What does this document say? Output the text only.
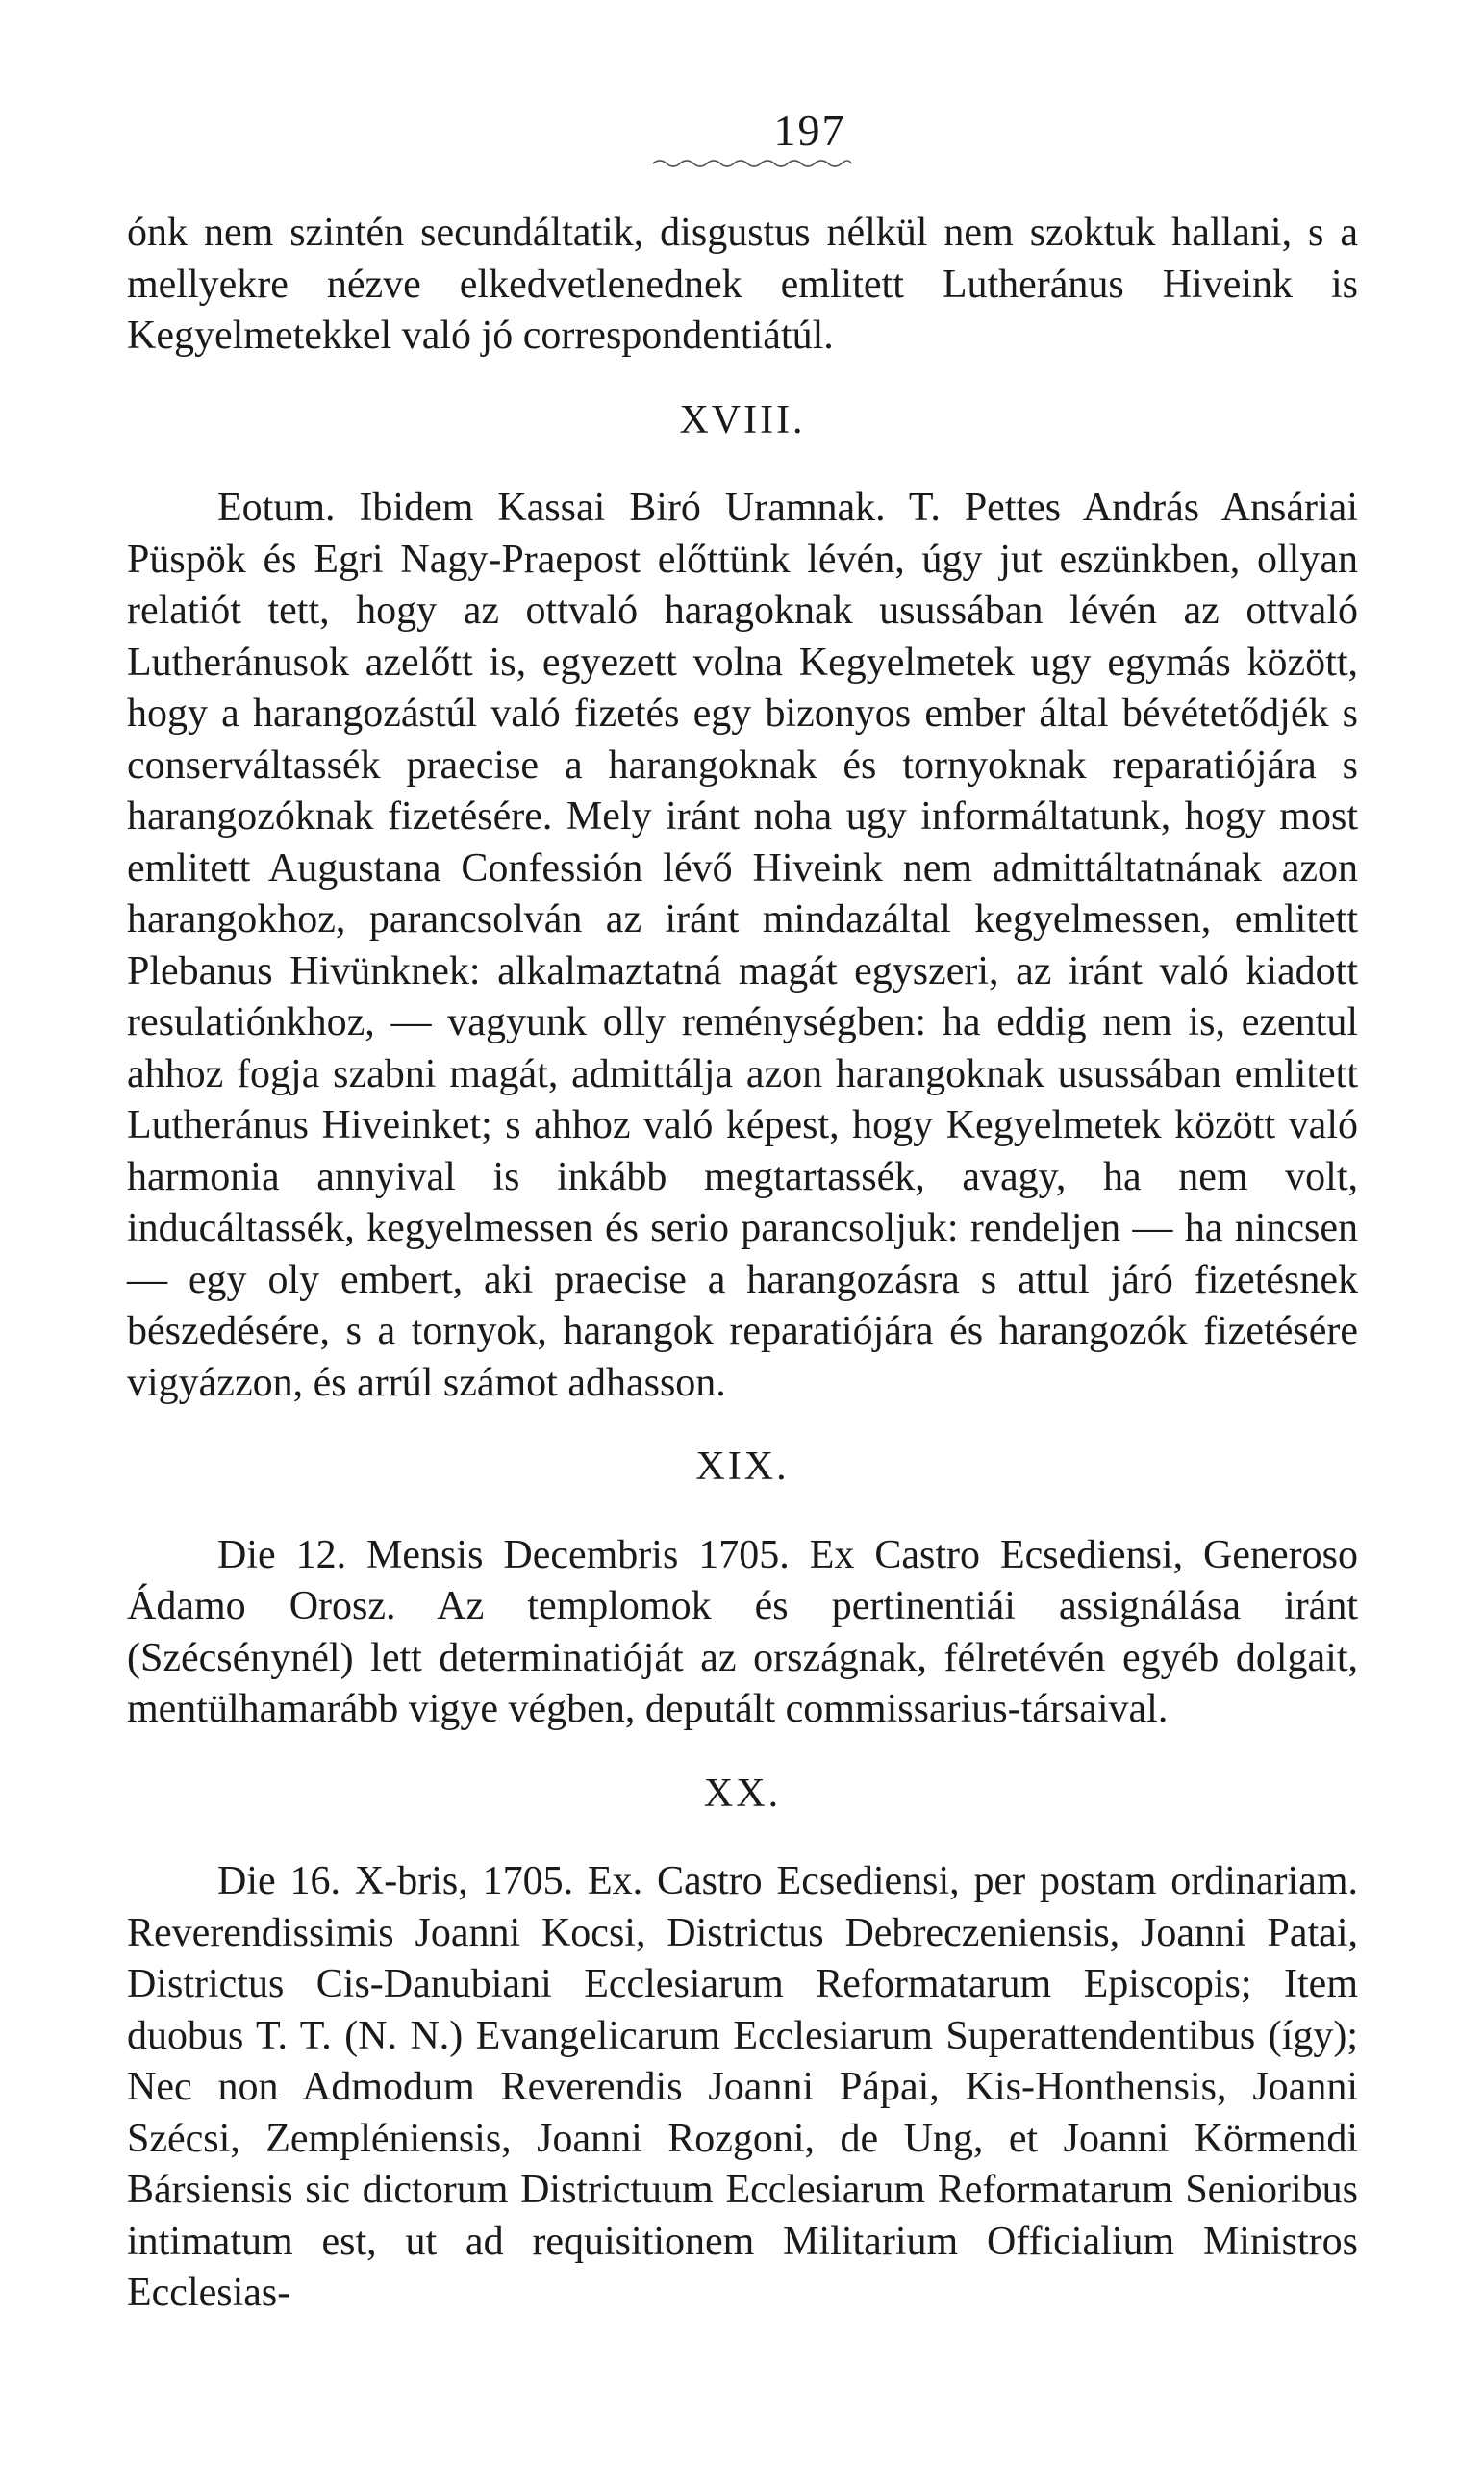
197

ónk nem szintén secundáltatik, disgustus nélkül nem szoktuk hallani, s a mellyekre nézve elkedvetlenednek emlitett Lutheránus Hiveink is Kegyelmetekkel való jó correspondentiátúl.

XVIII.

Eotum. Ibidem Kassai Biró Uramnak. T. Pettes András Ansáriai Püspök és Egri Nagy-Praepost előttünk lévén, úgy jut eszünkben, ollyan relatiót tett, hogy az ottvaló haragoknak usussában lévén az ottvaló Lutheránusok azelőtt is, egyezett volna Kegyelmetek ugy egymás között, hogy a harangozástúl való fizetés egy bizonyos ember által bévétetődjék s conserváltassék praecise a harangoknak és tornyoknak reparatiójára s harangozóknak fizetésére. Mely iránt noha ugy informáltatunk, hogy most emlitett Augustana Confessión lévő Hiveink nem admittáltatnának azon harangokhoz, parancsolván az iránt mindazáltal kegyelmessen, emlitett Plebanus Hivünknek: alkalmaztatná magát egyszeri, az iránt való kiadott resulatiónkhoz, — vagyunk olly reménységben: ha eddig nem is, ezentul ahhoz fogja szabni magát, admittálja azon harangoknak usussában emlitett Lutheránus Hiveinket; s ahhoz való képest, hogy Kegyelmetek között való harmonia annyival is inkább megtartassék, avagy, ha nem volt, inducáltassék, kegyelmessen és serio parancsoljuk: rendeljen — ha nincsen — egy oly embert, aki praecise a harangozásra s attul járó fizetésnek bészedésére, s a tornyok, harangok reparatiójára és harangozók fizetésére vigyázzon, és arrúl számot adhasson.

XIX.

Die 12. Mensis Decembris 1705. Ex Castro Ecsediensi, Generoso Ádamo Orosz. Az templomok és pertinentiái assignálása iránt (Szécsénynél) lett determinatióját az országnak, félretévén egyéb dolgait, mentülhamarább vigye végben, deputált commissarius-társaival.

XX.

Die 16. X-bris, 1705. Ex. Castro Ecsediensi, per postam ordinariam. Reverendissimis Joanni Kocsi, Districtus Debreczeniensis, Joanni Patai, Districtus Cis-Danubiani Ecclesiarum Reformatarum Episcopis; Item duobus T. T. (N. N.) Evangelicarum Ecclesiarum Superattendentibus (így); Nec non Admodum Reverendis Joanni Pápai, Kis-Honthensis, Joanni Szécsi, Zempléniensis, Joanni Rozgoni, de Ung, et Joanni Körmendi Bársiensis sic dictorum Districtuum Ecclesiarum Reformatarum Senioribus intimatum est, ut ad requisitionem Militarium Officialium Ministros Ecclesias-
